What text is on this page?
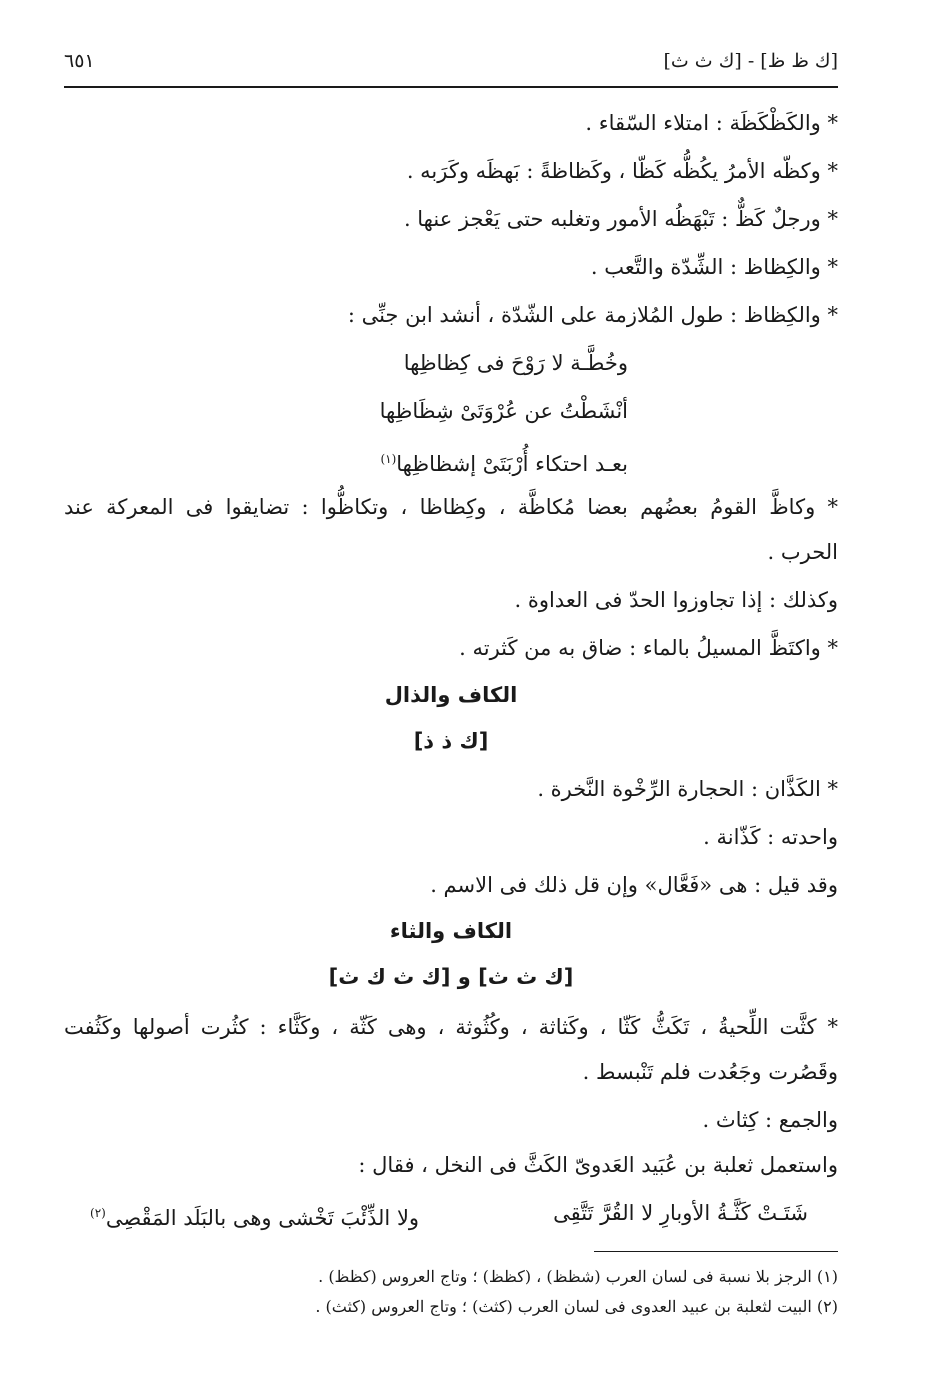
[ك ظ ظ] - [ك ث ث]
٦٥١
* والكَظْكَظَة : امتلاء السّقاء .
* وكظّه الأمرُ يكُظُّه كَظّا ، وكَظاظةً : بَهظَه وكَرَبه .
* ورجلٌ كَظٌّ : تَبْهَظُه الأمور وتغلبه حتى يَعْجز عنها .
* والكِظاظ : الشِّدّة والتَّعب .
* والكِظاظ : طول المُلازمة على الشّدّة ، أنشد ابن جنِّى :
وخُطَّـة لا رَوْحَ فى كِظاظِها
أنْشَطْتُ عن عُرْوَتَىْ شِظَاظِها
بعـد احتكاء أُرْبَتَىْ إشظاظِها$^{(١)}$
* وكاظَّ القومُ بعضُهم بعضا مُكاظَّة ، وكِظاظا ، وتكاظُّوا : تضايقوا فى المعركة عند
الحرب .
وكذلك : إذا تجاوزوا الحدّ فى العداوة .
* واكتَظَّ المسيلُ بالماء : ضاق به من كَثرته .
الكاف والذال
[ك ذ ذ]
* الكَذَّان : الحجارة الرِّخْوة النَّخرة .
واحدته : كَذّانة .
وقد قيل : هى «فَعَّال» وإن قل ذلك فى الاسم .
الكاف والثاء
[ك ث ث] و [ك ث ك ث]
* كثَّت اللِّحيةُ ، تَكَثُّ كَثّا ، وكَثاثة ، وكُثُوثة ، وهى كَثّة ، وكَثَّاء : كثُرت أصولها وكَثُفت
وقَصُرت وجَعُدت فلم تَنْبسط .
والجمع : كِثاث .
واستعمل ثعلبة بن عُبَيد العَدوىّ الكَثَّ فى النخل ، فقال :
شَتَـتْ كَثَّـةُ الأوبارِ لا القُرَّ تَتَّقِى
ولا الذِّئْبَ تَخْشى وهى بالبَلَد المَقْصِى$^{(٢)}$
(١) الرجز بلا نسبة فى لسان العرب (شظظ) ، (كظظ) ؛ وتاج العروس (كظظ) .
(٢) البيت لثعلبة بن عبيد العدوى فى لسان العرب (كثث) ؛ وتاج العروس (كثث) .
